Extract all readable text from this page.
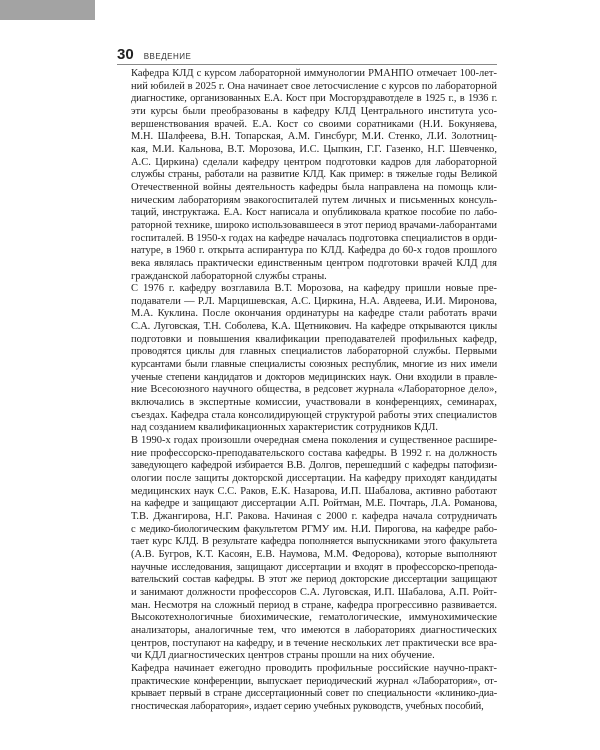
30 ВВЕДЕНИЕ

Кафедра КЛД с курсом лабораторной иммунологии РМАНПО отмечает 100-лет-
ний юбилей в 2025 г. Она начинает свое летосчисление с курсов по лабораторной
диагностике, организованных Е.А. Кост при Мосгорздравотделе в 1925 г., в 1936 г.
эти курсы были преобразованы в кафедру КЛД Центрального института усо-
вершенствования врачей. Е.А. Кост со своими соратниками (Н.И. Бокуняева,
М.Н. Шалфеева, В.Н. Топарская, А.М. Гинсбург, М.И. Стенко, Л.И. Золотниц-
кая, М.И. Кальнова, В.Т. Морозова, И.С. Цыпкин, Г.Г. Газенко, Н.Г. Шевченко,
А.С. Циркина) сделали кафедру центром подготовки кадров для лабораторной
службы страны, работали на развитие КЛД. Как пример: в тяжелые годы Великой
Отечественной войны деятельность кафедры была направлена на помощь кли-
ническим лабораториям эвакогоспиталей путем личных и письменных консуль-
таций, инструктажа. Е.А. Кост написала и опубликовала краткое пособие по лабо-
раторной технике, широко использовавшееся в этот период врачами-лаборантами
госпиталей. В 1950-х годах на кафедре началась подготовка специалистов в орди-
натуре, в 1960 г. открыта аспирантура по КЛД. Кафедра до 60-х годов прошлого
века являлась практически единственным центром подготовки врачей КЛД для
гражданской лабораторной службы страны.

С 1976 г. кафедру возглавила В.Т. Морозова, на кафедру пришли новые пре-
подаватели — Р.Л. Марцишевская, А.С. Циркина, Н.А. Авдеева, И.И. Миронова,
М.А. Куклина. После окончания ординатуры на кафедре стали работать врачи
С.А. Луговская, Т.Н. Соболева, К.А. Щетникович. На кафедре открываются циклы
подготовки и повышения квалификации преподавателей профильных кафедр,
проводятся циклы для главных специалистов лабораторной службы. Первыми
курсантами были главные специалисты союзных республик, многие из них имели
ученые степени кандидатов и докторов медицинских наук. Они входили в правле-
ние Всесоюзного научного общества, в редсовет журнала «Лабораторное дело»,
включались в экспертные комиссии, участвовали в конференциях, семинарах,
съездах. Кафедра стала консолидирующей структурой работы этих специалистов
над созданием квалификационных характеристик сотрудников КДЛ.

В 1990-х годах произошли очередная смена поколения и существенное расшире-
ние профессорско-преподавательского состава кафедры. В 1992 г. на должность
заведующего кафедрой избирается В.В. Долгов, перешедший с кафедры патофизи-
ологии после защиты докторской диссертации. На кафедру приходят кандидаты
медицинских наук С.С. Раков, Е.К. Назарова, И.П. Шабалова, активно работают
на кафедре и защищают диссертации А.П. Ройтман, М.Е. Почтарь, Л.А. Романова,
Т.В. Джангирова, Н.Г. Ракова. Начиная с 2000 г. кафедра начала сотрудничать
с медико-биологическим факультетом РГМУ им. Н.И. Пирогова, на кафедре рабо-
тает курс КЛД. В результате кафедра пополняется выпускниками этого факультета
(А.В. Бугров, К.Т. Касоян, Е.В. Наумова, М.М. Федорова), которые выполняют
научные исследования, защищают диссертации и входят в профессорско-препода-
вательский состав кафедры. В этот же период докторские диссертации защищают
и занимают должности профессоров С.А. Луговская, И.П. Шабалова, А.П. Ройт-
ман. Несмотря на сложный период в стране, кафедра прогрессивно развивается.
Высокотехнологичные биохимические, гематологические, иммунохимические
анализаторы, аналогичные тем, что имеются в лабораториях диагностических
центров, поступают на кафедру, и в течение нескольких лет практически все вра-
чи КДЛ диагностических центров страны прошли на них обучение.

Кафедра начинает ежегодно проводить профильные российские научно-практ-
практические конференции, выпускает периодический журнал «Лаборатория», от-
крывает первый в стране диссертационный совет по специальности «клинико-диа-
гностическая лаборатория», издает серию учебных руководств, учебных пособий,
